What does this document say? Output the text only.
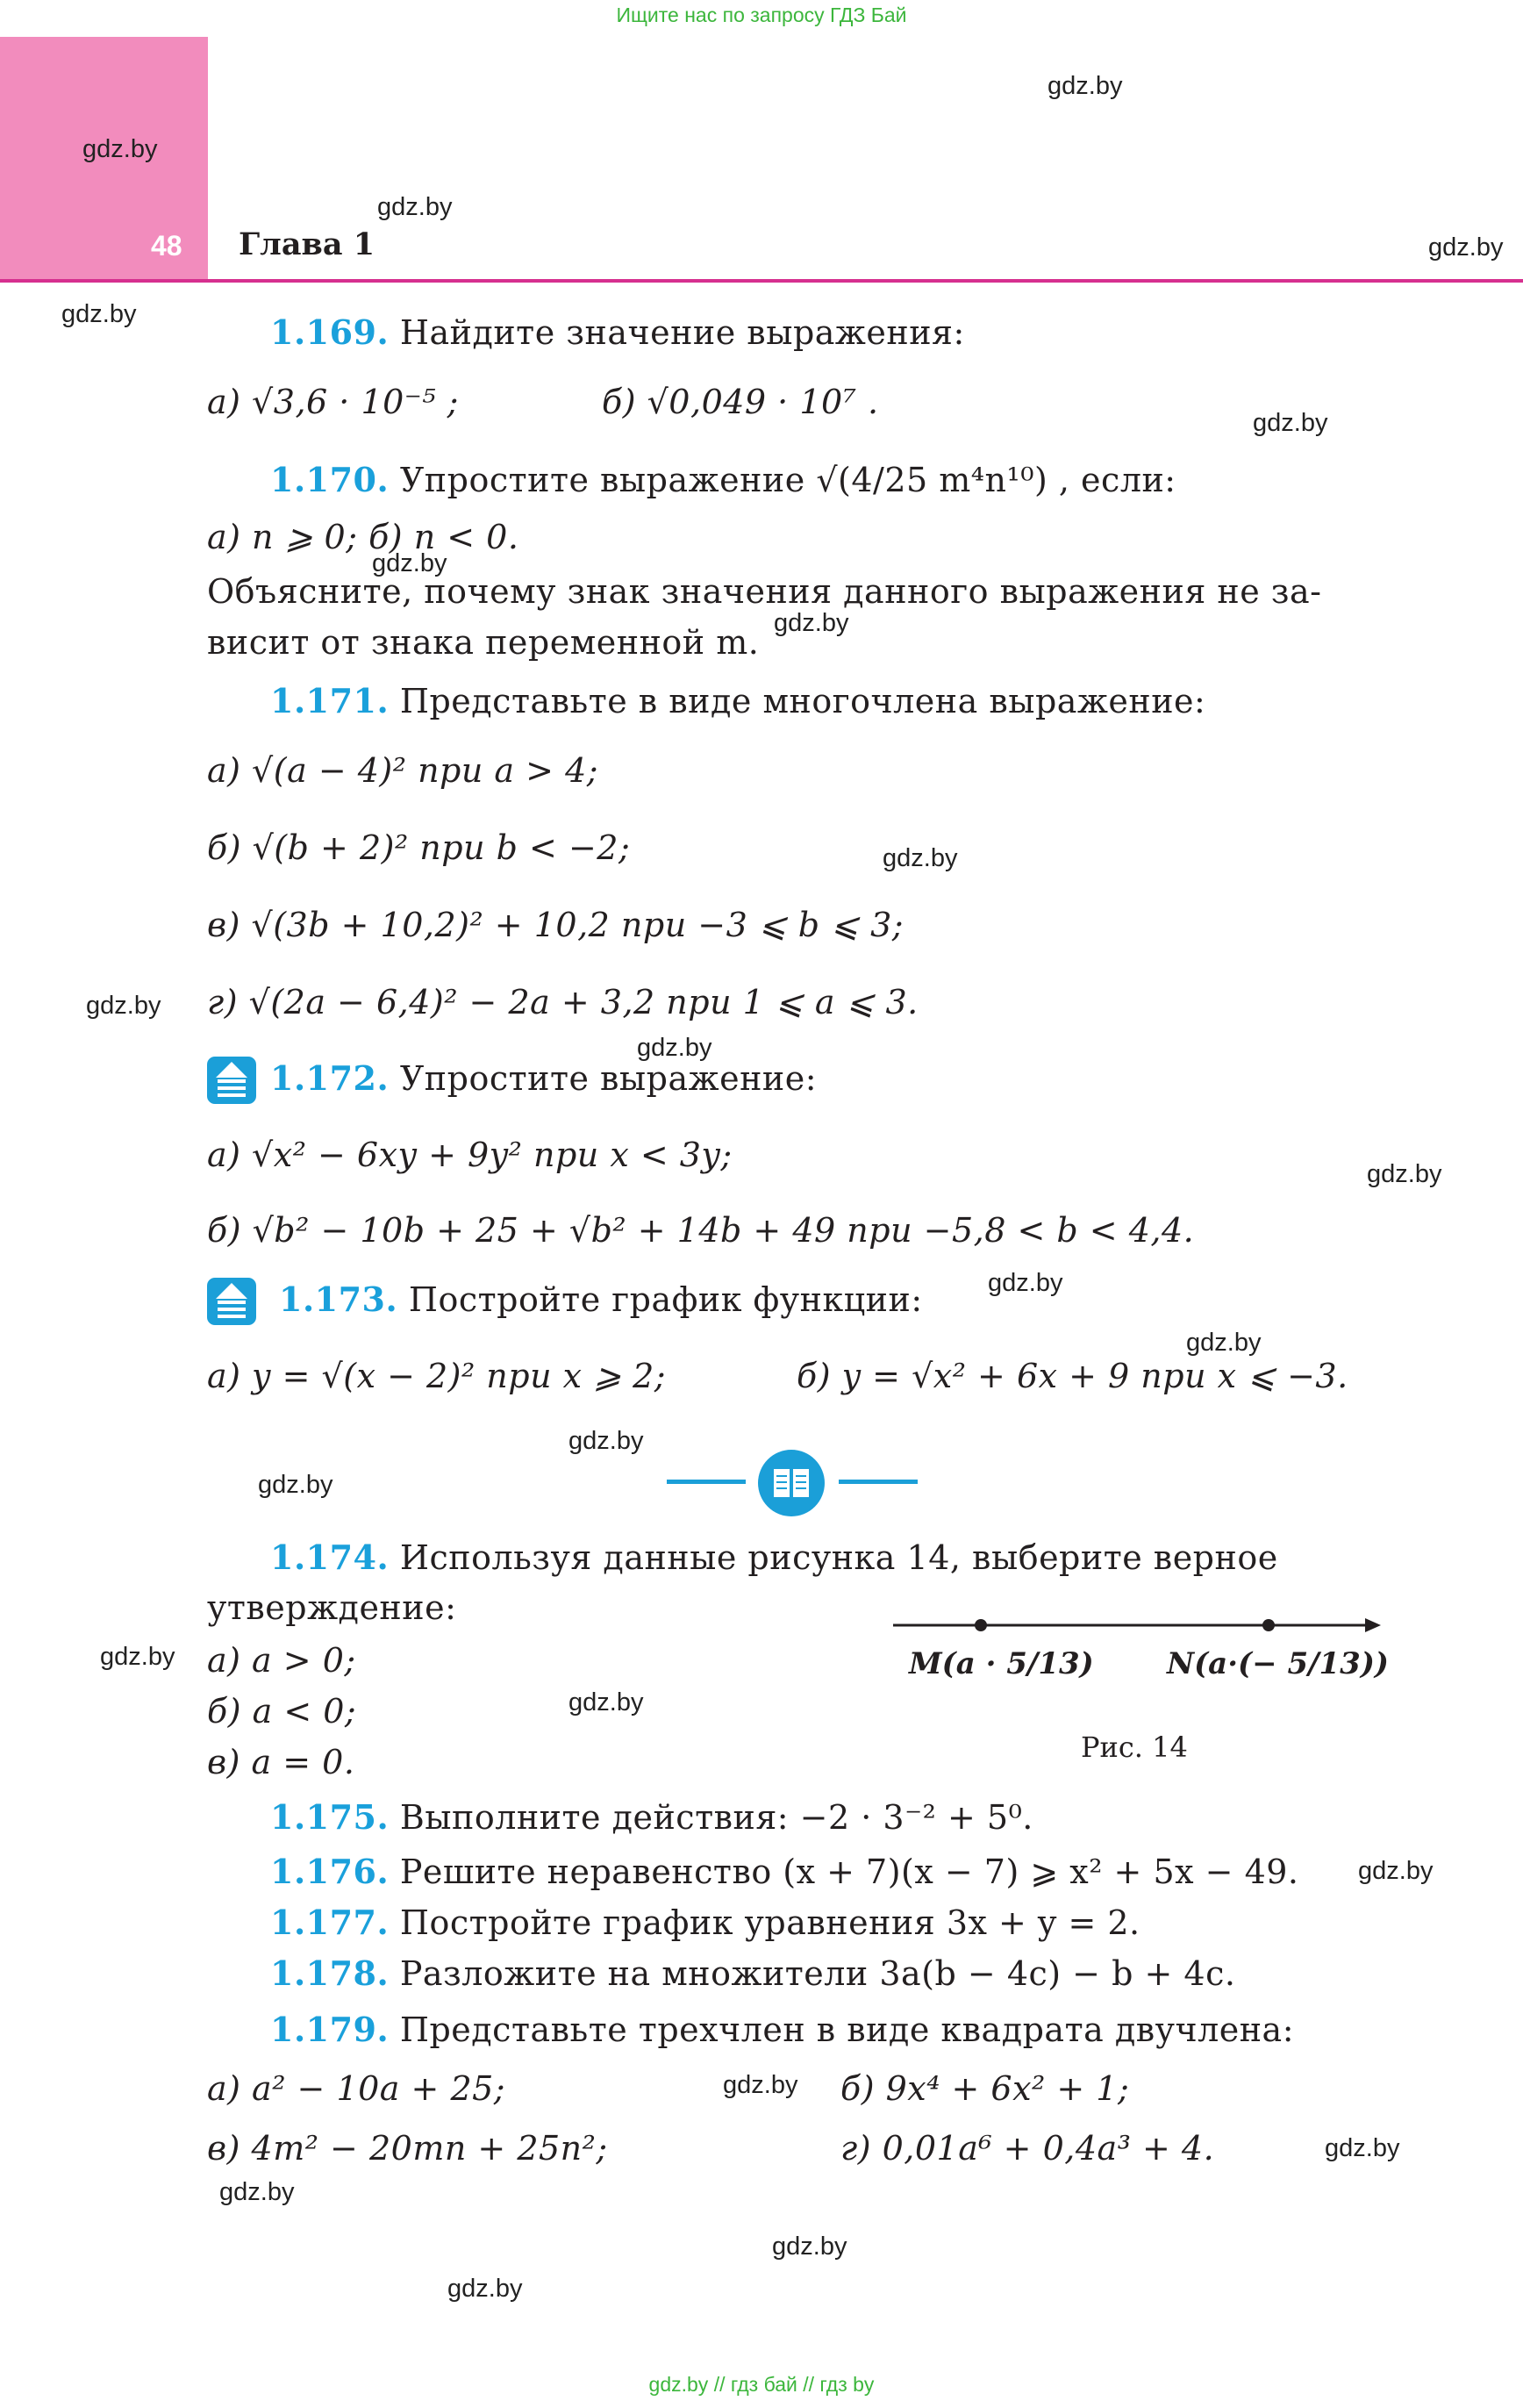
Ищите нас по запросу ГДЗ Бай
48 Глава 1
gdz.by
gdz.by
gdz.by
gdz.by
gdz.by
gdz.by
gdz.by
gdz.by
gdz.by
gdz.by
gdz.by
gdz.by
gdz.by
gdz.by
gdz.by
gdz.by
gdz.by
gdz.by
gdz.by
gdz.by
gdz.by
gdz.by
gdz.by
gdz.by
1.169. Найдите значение выражения:
а) √3,6 · 10⁻⁵ ;	б) √0,049 · 10⁷ .
1.170. Упростите выражение √(4/25 m⁴n¹⁰) , если:
а) n ⩾ 0; б) n < 0.
Объясните, почему знак значения данного выражения не за-
висит от знака переменной m.
1.171. Представьте в виде многочлена выражение:
а) √(a − 4)² при a > 4;
б) √(b + 2)² при b < −2;
в) √(3b + 10,2)² + 10,2 при −3 ⩽ b ⩽ 3;
г) √(2a − 6,4)² − 2a + 3,2 при 1 ⩽ a ⩽ 3.
1.172. Упростите выражение:
а) √x² − 6xy + 9y² при x < 3y;
б) √b² − 10b + 25 + √b² + 14b + 49 при −5,8 < b < 4,4.
1.173. Постройте график функции:
а) y = √(x − 2)² при x ⩾ 2;	б) y = √x² + 6x + 9 при x ⩽ −3.
1.174. Используя данные рисунка 14, выберите верное
утверждение:
а) a > 0;
б) a < 0;
в) a = 0.
M(a · 5/13) N(a·(− 5/13))
Рис. 14
1.175. Выполните действия: −2 · 3⁻² + 5⁰.
1.176. Решите неравенство (x + 7)(x − 7) ⩾ x² + 5x − 49.
1.177. Постройте график уравнения 3x + y = 2.
1.178. Разложите на множители 3a(b − 4c) − b + 4c.
1.179. Представьте трехчлен в виде квадрата двучлена:
а) a² − 10a + 25;	б) 9x⁴ + 6x² + 1;
в) 4m² − 20mn + 25n²;	г) 0,01a⁶ + 0,4a³ + 4.
gdz.by // гдз бай // гдз by
